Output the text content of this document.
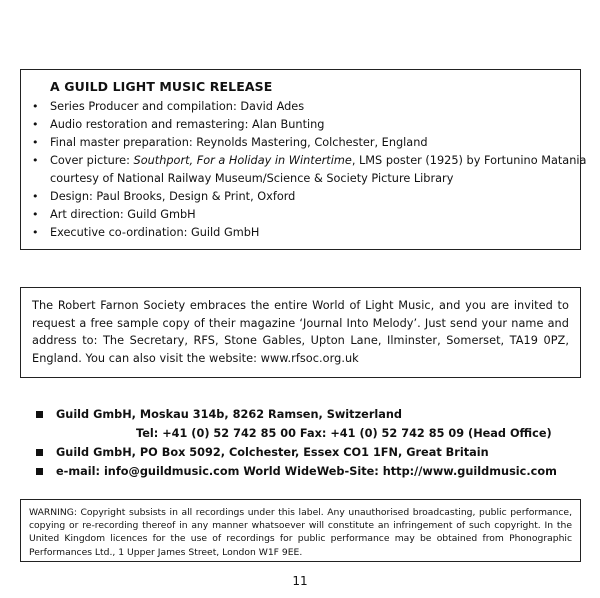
A GUILD LIGHT MUSIC RELEASE
• Series Producer and compilation: David Ades
• Audio restoration and remastering: Alan Bunting
• Final master preparation: Reynolds Mastering, Colchester, England
• Cover picture: Southport, For a Holiday in Wintertime, LMS poster (1925) by Fortunino Matania
courtesy of National Railway Museum/Science & Society Picture Library
• Design: Paul Brooks, Design & Print, Oxford
• Art direction: Guild GmbH
• Executive co-ordination: Guild GmbH

The Robert Farnon Society embraces the entire World of Light Music, and you are invited to request a free sample copy of their magazine ‘Journal Into Melody’. Just send your name and address to: The Secretary, RFS, Stone Gables, Upton Lane, Ilminster, Somerset, TA19 0PZ, England. You can also visit the website: www.rfsoc.org.uk

Guild GmbH, Moskau 314b, 8262 Ramsen, Switzerland
Tel: +41 (0) 52 742 85 00 Fax: +41 (0) 52 742 85 09 (Head Office)
Guild GmbH, PO Box 5092, Colchester, Essex CO1 1FN, Great Britain
e-mail: info@guildmusic.com World WideWeb-Site: http://www.guildmusic.com

WARNING: Copyright subsists in all recordings under this label. Any unauthorised broadcasting, public performance, copying or re-recording thereof in any manner whatsoever will constitute an infringement of such copyright. In the United Kingdom licences for the use of recordings for public performance may be obtained from Phonographic Performances Ltd., 1 Upper James Street, London W1F 9EE.

11
